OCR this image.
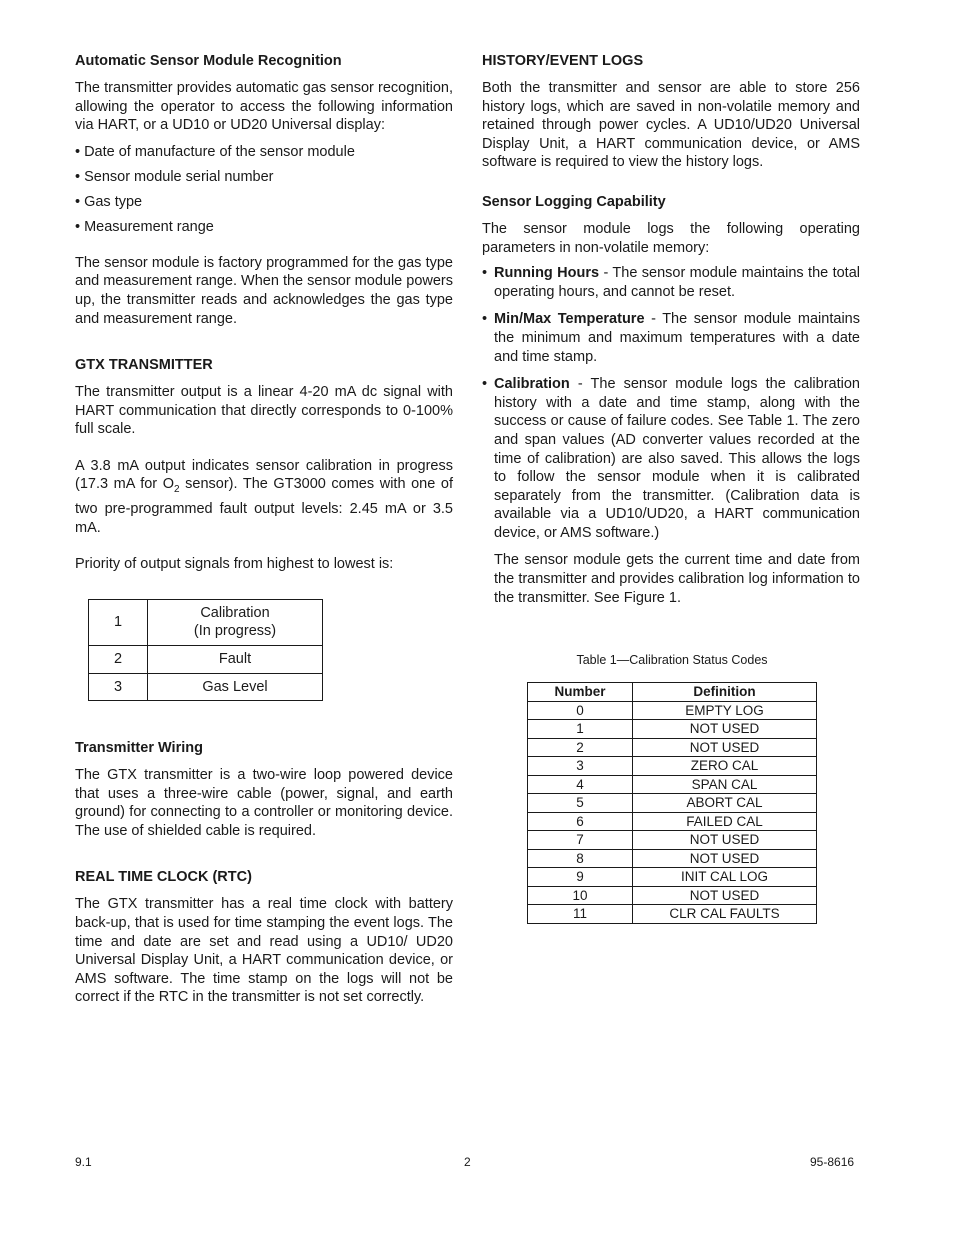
Automatic Sensor Module Recognition

The transmitter provides automatic gas sensor recognition, allowing the operator to access the following information via HART, or a UD10 or UD20 Universal display:

• Date of manufacture of the sensor module
• Sensor module serial number
• Gas type
• Measurement range

The sensor module is factory programmed for the gas type and measurement range. When the sensor module powers up, the transmitter reads and acknowledges the gas type and measurement range.

GTX TRANSMITTER

The transmitter output is a linear 4-20 mA dc signal with HART communication that directly corresponds to 0-100% full scale.

A 3.8 mA output indicates sensor calibration in progress (17.3 mA for $O_2$ sensor). The GT3000 comes with one of two pre-programmed fault output levels: 2.45 mA or 3.5 mA.

Priority of output signals from highest to lowest is:

1	Calibration
(In progress)
2	Fault
3	Gas Level
Transmitter Wiring

The GTX transmitter is a two-wire loop powered device that uses a three-wire cable (power, signal, and earth ground) for connecting to a controller or monitoring device. The use of shielded cable is required.

REAL TIME CLOCK (RTC)

The GTX transmitter has a real time clock with battery back-up, that is used for time stamping the event logs. The time and date are set and read using a UD10/ UD20 Universal Display Unit, a HART communication device, or AMS software. The time stamp on the logs will not be correct if the RTC in the transmitter is not set correctly.

HISTORY/EVENT LOGS

Both the transmitter and sensor are able to store 256 history logs, which are saved in non-volatile memory and retained through power cycles. A UD10/UD20 Universal Display Unit, a HART communication device, or AMS software is required to view the history logs.

Sensor Logging Capability

The sensor module logs the following operating parameters in non-volatile memory:

• Running Hours - The sensor module maintains the total operating hours, and cannot be reset.
• Min/Max Temperature - The sensor module maintains the minimum and maximum temperatures with a date and time stamp.
• Calibration - The sensor module logs the calibration history with a date and time stamp, along with the success or cause of failure codes. See Table 1. The zero and span values (AD converter values recorded at the time of calibration) are also saved. This allows the logs to follow the sensor module when it is calibrated separately from the transmitter. (Calibration data is available via a UD10/UD20, a HART communication device, or AMS software.)

The sensor module gets the current time and date from the transmitter and provides calibration log information to the transmitter. See Figure 1.

Table 1—Calibration Status Codes
Number	Definition
0	EMPTY LOG
1	NOT USED
2	NOT USED
3	ZERO CAL
4	SPAN CAL
5	ABORT CAL
6	FAILED CAL
7	NOT USED
8	NOT USED
9	INIT CAL LOG
10	NOT USED
11	CLR CAL FAULTS
9.1	2	95-8616
